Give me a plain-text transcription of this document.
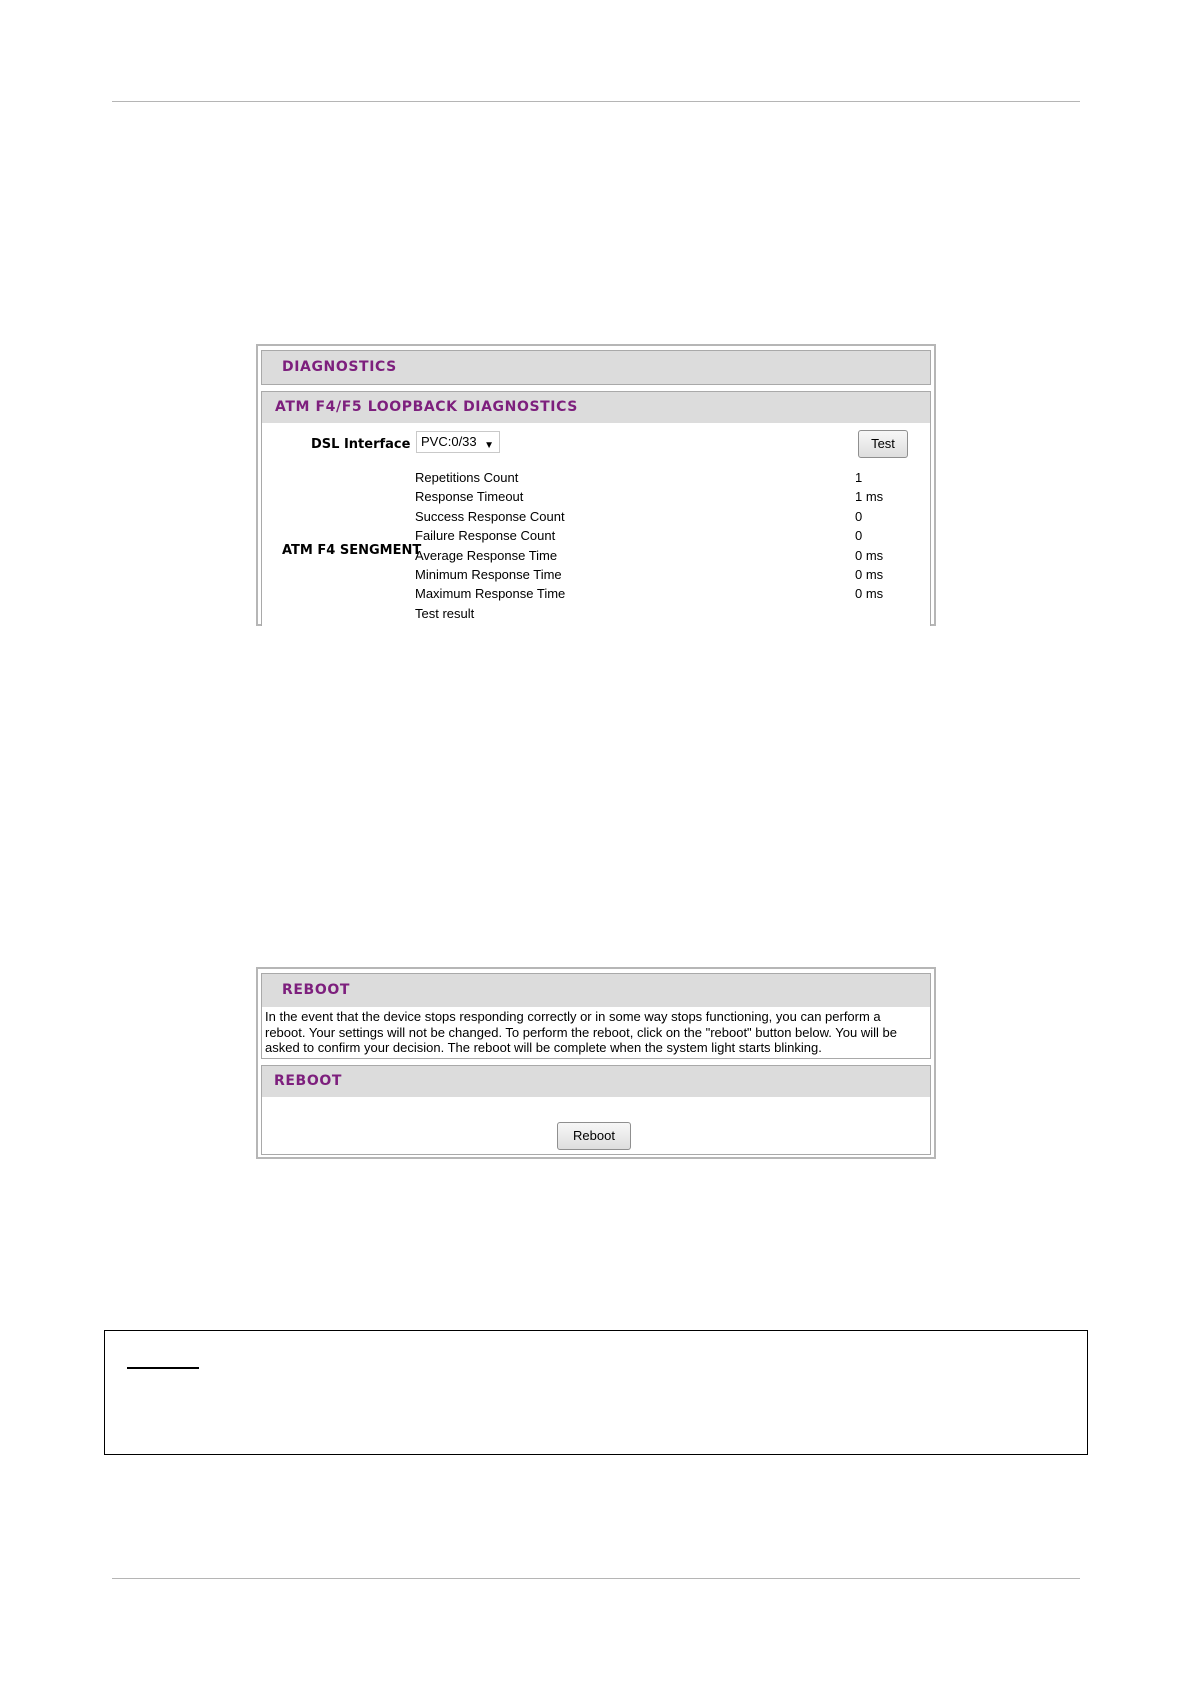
DIAGNOSTICS
ATM F4/F5 LOOPBACK DIAGNOSTICS
DSL Interface PVC:0/33 ▼	Test
ATM F4 SENGMENT
Repetitions Count	1
Response Timeout	1 ms
Success Response Count	0
Failure Response Count	0
Average Response Time	0 ms
Minimum Response Time	0 ms
Maximum Response Time	0 ms
Test result
REBOOT
In the event that the device stops responding correctly or in some way stops functioning, you can perform a reboot. Your settings will not be changed. To perform the reboot, click on the "reboot" button below. You will be asked to confirm your decision. The reboot will be complete when the system light starts blinking.
REBOOT
Reboot
